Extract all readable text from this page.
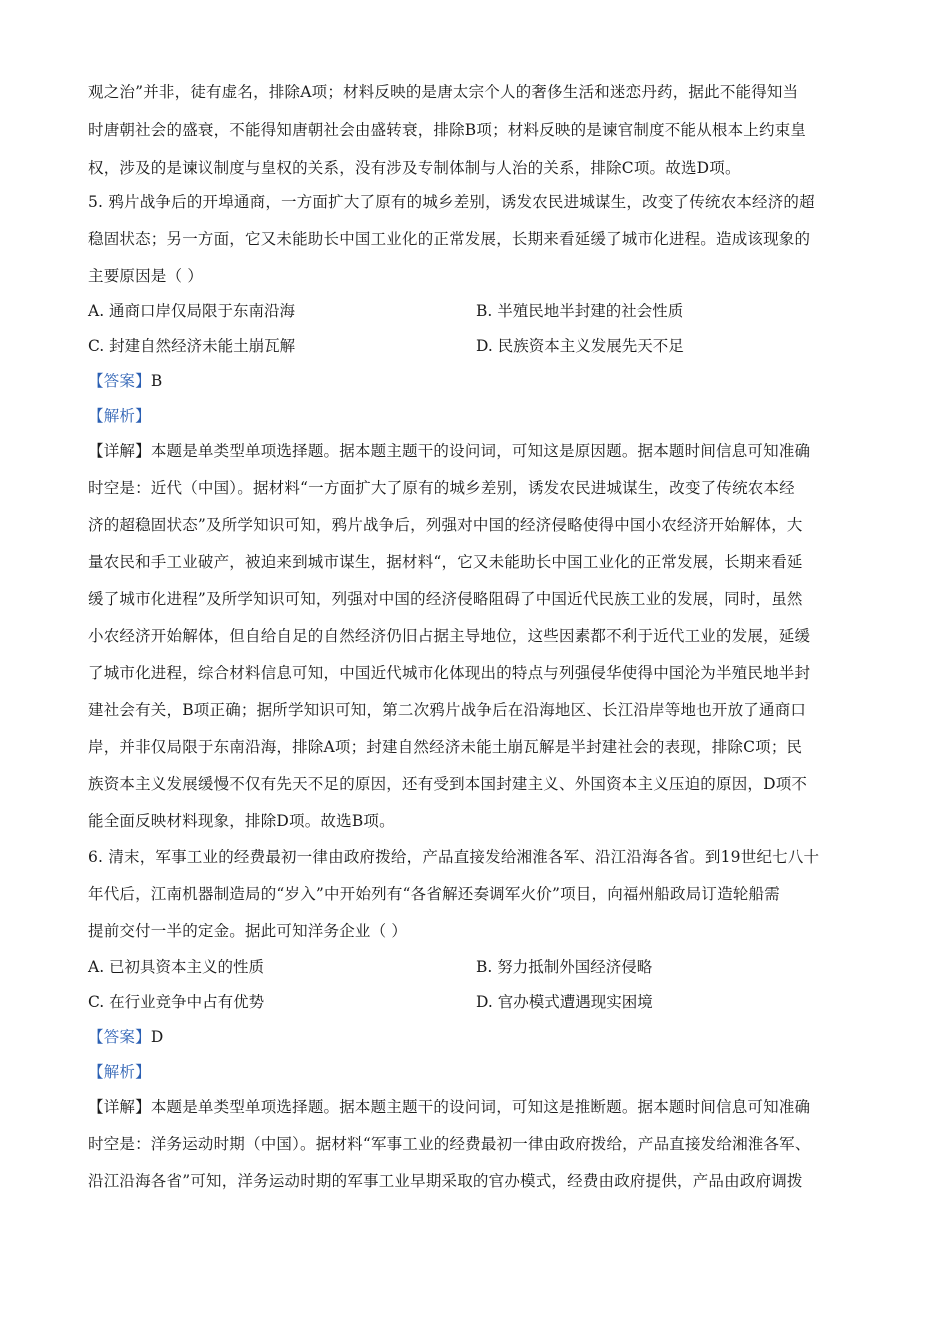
观之治”并非，徒有虚名，排除A项；材料反映的是唐太宗个人的奢侈生活和迷恋丹药，据此不能得知当
时唐朝社会的盛衰，不能得知唐朝社会由盛转衰，排除B项；材料反映的是谏官制度不能从根本上约束皇
权，涉及的是谏议制度与皇权的关系，没有涉及专制体制与人治的关系，排除C项。故选D项。
5. 鸦片战争后的开埠通商，一方面扩大了原有的城乡差别，诱发农民进城谋生，改变了传统农本经济的超
稳固状态；另一方面，它又未能助长中国工业化的正常发展，长期来看延缓了城市化进程。造成该现象的
主要原因是（ ）
A. 通商口岸仅局限于东南沿海	B. 半殖民地半封建的社会性质
C. 封建自然经济未能土崩瓦解	D. 民族资本主义发展先天不足
【答案】B
【解析】
【详解】本题是单类型单项选择题。据本题主题干的设问词，可知这是原因题。据本题时间信息可知准确
时空是：近代（中国）。据材料“一方面扩大了原有的城乡差别，诱发农民进城谋生，改变了传统农本经
济的超稳固状态”及所学知识可知，鸦片战争后，列强对中国的经济侵略使得中国小农经济开始解体，大
量农民和手工业破产，被迫来到城市谋生，据材料“，它又未能助长中国工业化的正常发展，长期来看延
缓了城市化进程”及所学知识可知，列强对中国的经济侵略阻碍了中国近代民族工业的发展，同时，虽然
小农经济开始解体，但自给自足的自然经济仍旧占据主导地位，这些因素都不利于近代工业的发展，延缓
了城市化进程，综合材料信息可知，中国近代城市化体现出的特点与列强侵华使得中国沦为半殖民地半封
建社会有关，B项正确；据所学知识可知，第二次鸦片战争后在沿海地区、长江沿岸等地也开放了通商口
岸，并非仅局限于东南沿海，排除A项；封建自然经济未能土崩瓦解是半封建社会的表现，排除C项；民
族资本主义发展缓慢不仅有先天不足的原因，还有受到本国封建主义、外国资本主义压迫的原因，D项不
能全面反映材料现象，排除D项。故选B项。
6. 清末，军事工业的经费最初一律由政府拨给，产品直接发给湘淮各军、沿江沿海各省。到19世纪七八十
年代后，江南机器制造局的“岁入”中开始列有“各省解还奏调军火价”项目，向福州船政局订造轮船需
提前交付一半的定金。据此可知洋务企业（ ）
A. 已初具资本主义的性质	B. 努力抵制外国经济侵略
C. 在行业竞争中占有优势	D. 官办模式遭遇现实困境
【答案】D
【解析】
【详解】本题是单类型单项选择题。据本题主题干的设问词，可知这是推断题。据本题时间信息可知准确
时空是：洋务运动时期（中国）。据材料“军事工业的经费最初一律由政府拨给，产品直接发给湘淮各军、
沿江沿海各省”可知，洋务运动时期的军事工业早期采取的官办模式，经费由政府提供，产品由政府调拨
